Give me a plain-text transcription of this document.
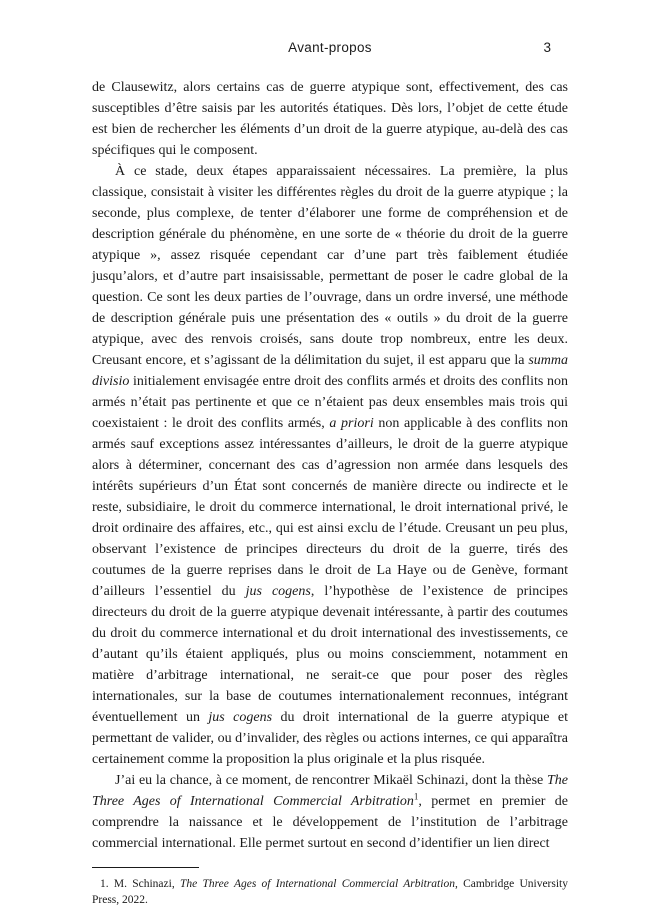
Avant-propos	3

de Clausewitz, alors certains cas de guerre atypique sont, effectivement, des cas susceptibles d’être saisis par les autorités étatiques. Dès lors, l’objet de cette étude est bien de rechercher les éléments d’un droit de la guerre atypique, au-delà des cas spécifiques qui le composent.

À ce stade, deux étapes apparaissaient nécessaires. La première, la plus classique, consistait à visiter les différentes règles du droit de la guerre atypique ; la seconde, plus complexe, de tenter d’élaborer une forme de compréhension et de description générale du phénomène, en une sorte de « théorie du droit de la guerre atypique », assez risquée cependant car d’une part très faiblement étudiée jusqu’alors, et d’autre part insaisissable, permettant de poser le cadre global de la question. Ce sont les deux parties de l’ouvrage, dans un ordre inversé, une méthode de description générale puis une présentation des « outils » du droit de la guerre atypique, avec des renvois croisés, sans doute trop nombreux, entre les deux. Creusant encore, et s’agissant de la délimitation du sujet, il est apparu que la summa divisio initialement envisagée entre droit des conflits armés et droits des conflits non armés n’était pas pertinente et que ce n’étaient pas deux ensembles mais trois qui coexistaient : le droit des conflits armés, a priori non applicable à des conflits non armés sauf exceptions assez intéressantes d’ailleurs, le droit de la guerre atypique alors à déterminer, concernant des cas d’agression non armée dans lesquels des intérêts supérieurs d’un État sont concernés de manière directe ou indirecte et le reste, subsidiaire, le droit du commerce international, le droit international privé, le droit ordinaire des affaires, etc., qui est ainsi exclu de l’étude. Creusant un peu plus, observant l’existence de principes directeurs du droit de la guerre, tirés des coutumes de la guerre reprises dans le droit de La Haye ou de Genève, formant d’ailleurs l’essentiel du jus cogens, l’hypothèse de l’existence de principes directeurs du droit de la guerre atypique devenait intéressante, à partir des coutumes du droit du commerce international et du droit international des investissements, ce d’autant qu’ils étaient appliqués, plus ou moins consciemment, notamment en matière d’arbitrage international, ne serait-ce que pour poser des règles internationales, sur la base de coutumes internationalement reconnues, intégrant éventuellement un jus cogens du droit international de la guerre atypique et permettant de valider, ou d’invalider, des règles ou actions internes, ce qui apparaîtra certainement comme la proposition la plus originale et la plus risquée.

J’ai eu la chance, à ce moment, de rencontrer Mikaël Schinazi, dont la thèse The Three Ages of International Commercial Arbitration$^1$, permet en premier de comprendre la naissance et le développement de l’institution de l’arbitrage commercial international. Elle permet surtout en second d’identifier un lien direct

1. M. Schinazi, The Three Ages of International Commercial Arbitration, Cambridge University Press, 2022.
